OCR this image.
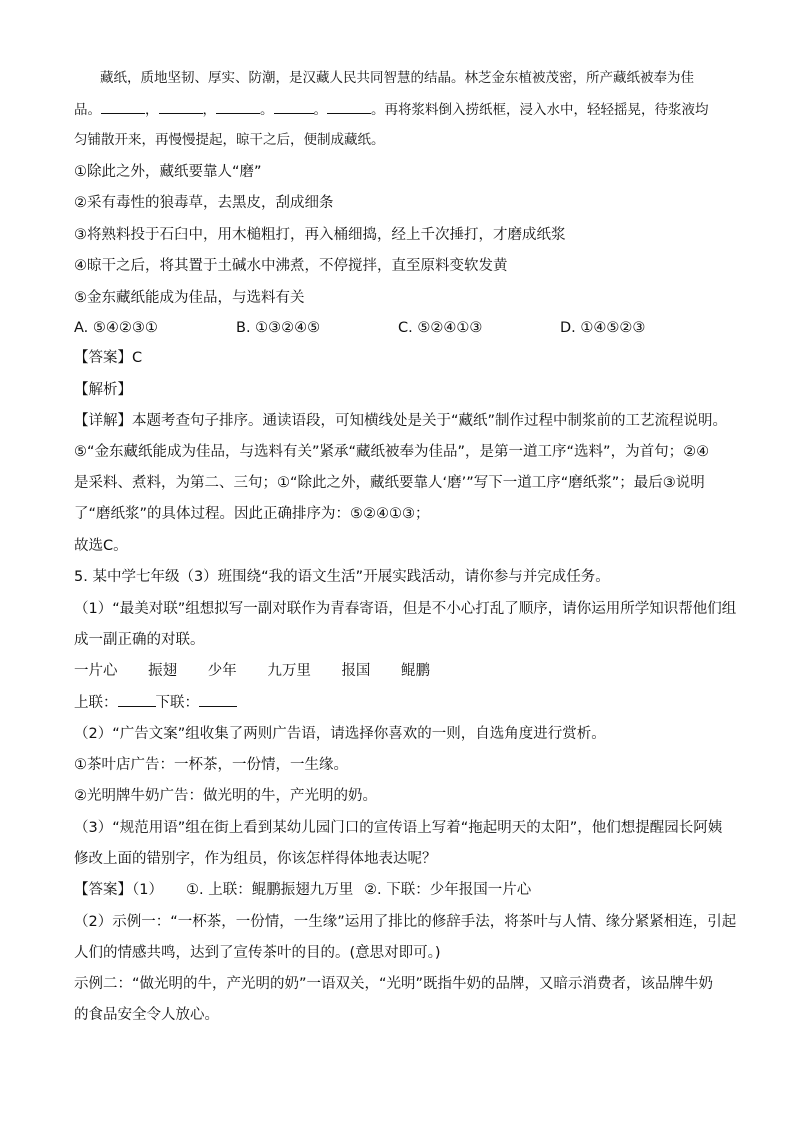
藏纸，质地坚韧、厚实、防潮，是汉藏人民共同智慧的结晶。林芝金东植被茂密，所产藏纸被奉为佳
品。	，	，	。	。	。再将浆料倒入捞纸框，浸入水中，轻轻摇晃，待浆液均
匀铺散开来，再慢慢提起，晾干之后，便制成藏纸。
①除此之外，藏纸要靠人“磨”
②采有毒性的狼毒草，去黑皮，刮成细条
③将熟料投于石臼中，用木槌粗打，再入桶细捣，经上千次捶打，才磨成纸浆
④晾干之后，将其置于土碱水中沸煮，不停搅拌，直至原料变软发黄
⑤金东藏纸能成为佳品，与选料有关
A. ⑤④②③①	B. ①③②④⑤	C. ⑤②④①③	D. ①④⑤②③
【答案】C
【解析】
【详解】本题考查句子排序。通读语段，可知横线处是关于“藏纸”制作过程中制浆前的工艺流程说明。
⑤“金东藏纸能成为佳品，与选料有关”紧承“藏纸被奉为佳品”，是第一道工序“选料”，为首句；②④
是采料、煮料，为第二、三句；①“除此之外，藏纸要靠人‘磨’”写下一道工序“磨纸浆”；最后③说明
了“磨纸浆”的具体过程。因此正确排序为：⑤②④①③；
故选C。
5. 某中学七年级（3）班围绕“我的语文生活”开展实践活动，请你参与并完成任务。
（1）“最美对联”组想拟写一副对联作为青春寄语，但是不小心打乱了顺序，请你运用所学知识帮他们组
成一副正确的对联。
一片心 振翅 少年 九万里 报国 鲲鹏
上联：	下联：
（2）“广告文案”组收集了两则广告语，请选择你喜欢的一则，自选角度进行赏析。
①茶叶店广告：一杯茶，一份情，一生缘。
②光明牌牛奶广告：做光明的牛，产光明的奶。
（3）“规范用语”组在街上看到某幼儿园门口的宣传语上写着“拖起明天的太阳”，他们想提醒园长阿姨
修改上面的错别字，作为组员，你该怎样得体地表达呢？
【答案】（1） ①. 上联：鲲鹏振翅九万里 ②. 下联：少年报国一片心
（2）示例一：“一杯茶，一份情，一生缘”运用了排比的修辞手法，将茶叶与人情、缘分紧紧相连，引起
人们的情感共鸣，达到了宣传茶叶的目的。(意思对即可。)
示例二：“做光明的牛，产光明的奶”一语双关，“光明”既指牛奶的品牌，又暗示消费者，该品牌牛奶
的食品安全令人放心。
